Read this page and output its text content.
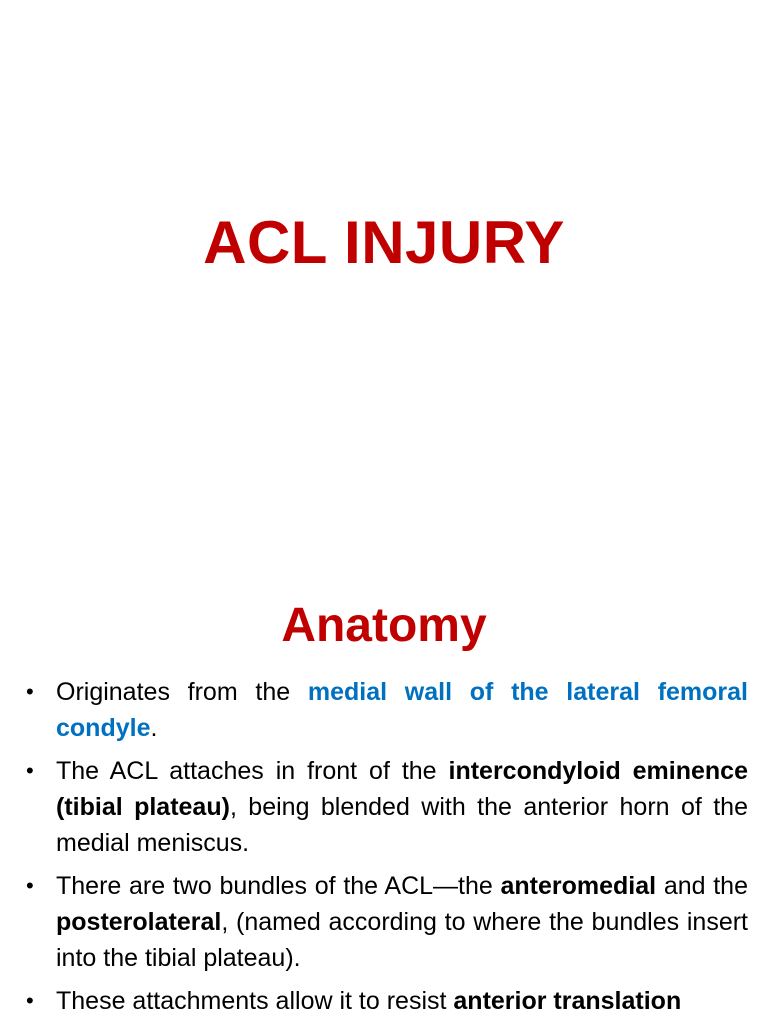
ACL INJURY
Anatomy
• Originates from the medial wall of the lateral femoral condyle.
• The ACL attaches in front of the intercondyloid eminence (tibial plateau), being blended with the anterior horn of the medial meniscus.
• There are two bundles of the ACL—the anteromedial and the posterolateral, (named according to where the bundles insert into the tibial plateau).
• These attachments allow it to resist anterior translation
